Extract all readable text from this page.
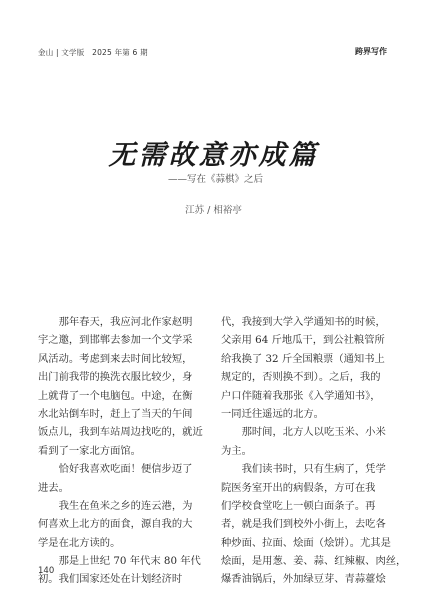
金山 | 文学版　2025 年第 6 期	跨界写作
无需故意亦成篇
——写在《蒜棋》之后
江苏 / 相裕亭
　　那年春天，我应河北作家赵明
宇之邀，到邯郸去参加一个文学采
风活动。考虑到来去时间比较短，
出门前我带的换洗衣服比较少，身
上就背了一个电脑包。中途，在衡
水北站倒车时，赶上了当天的午间
饭点儿，我到车站周边找吃的，就近
看到了一家北方面馆。
　　恰好我喜欢吃面！便信步迈了
进去。
　　我生在鱼米之乡的连云港，为
何喜欢上北方的面食，源自我的大
学是在北方读的。
　　那是上世纪 70 年代末 80 年代
初。我们国家还处在计划经济时
代，我接到大学入学通知书的时候，
父亲用 64 斤地瓜干，到公社粮管所
给我换了 32 斤全国粮票（通知书上
规定的，否则换不到）。之后，我的
户口伴随着我那张《入学通知书》，
一同迁往遥远的北方。
　　那时间，北方人以吃玉米、小米
为主。
　　我们读书时，只有生病了，凭学
院医务室开出的病假条，方可在我
们学校食堂吃上一顿白面条子。再
者，就是我们到校外小街上，去吃各
种炒面、拉面、烩面（烩饼）。尤其是
烩面，是用葱、姜、蒜、红辣椒、肉丝，
爆香油锅后，外加绿豆芽、青蒜薹烩
140
